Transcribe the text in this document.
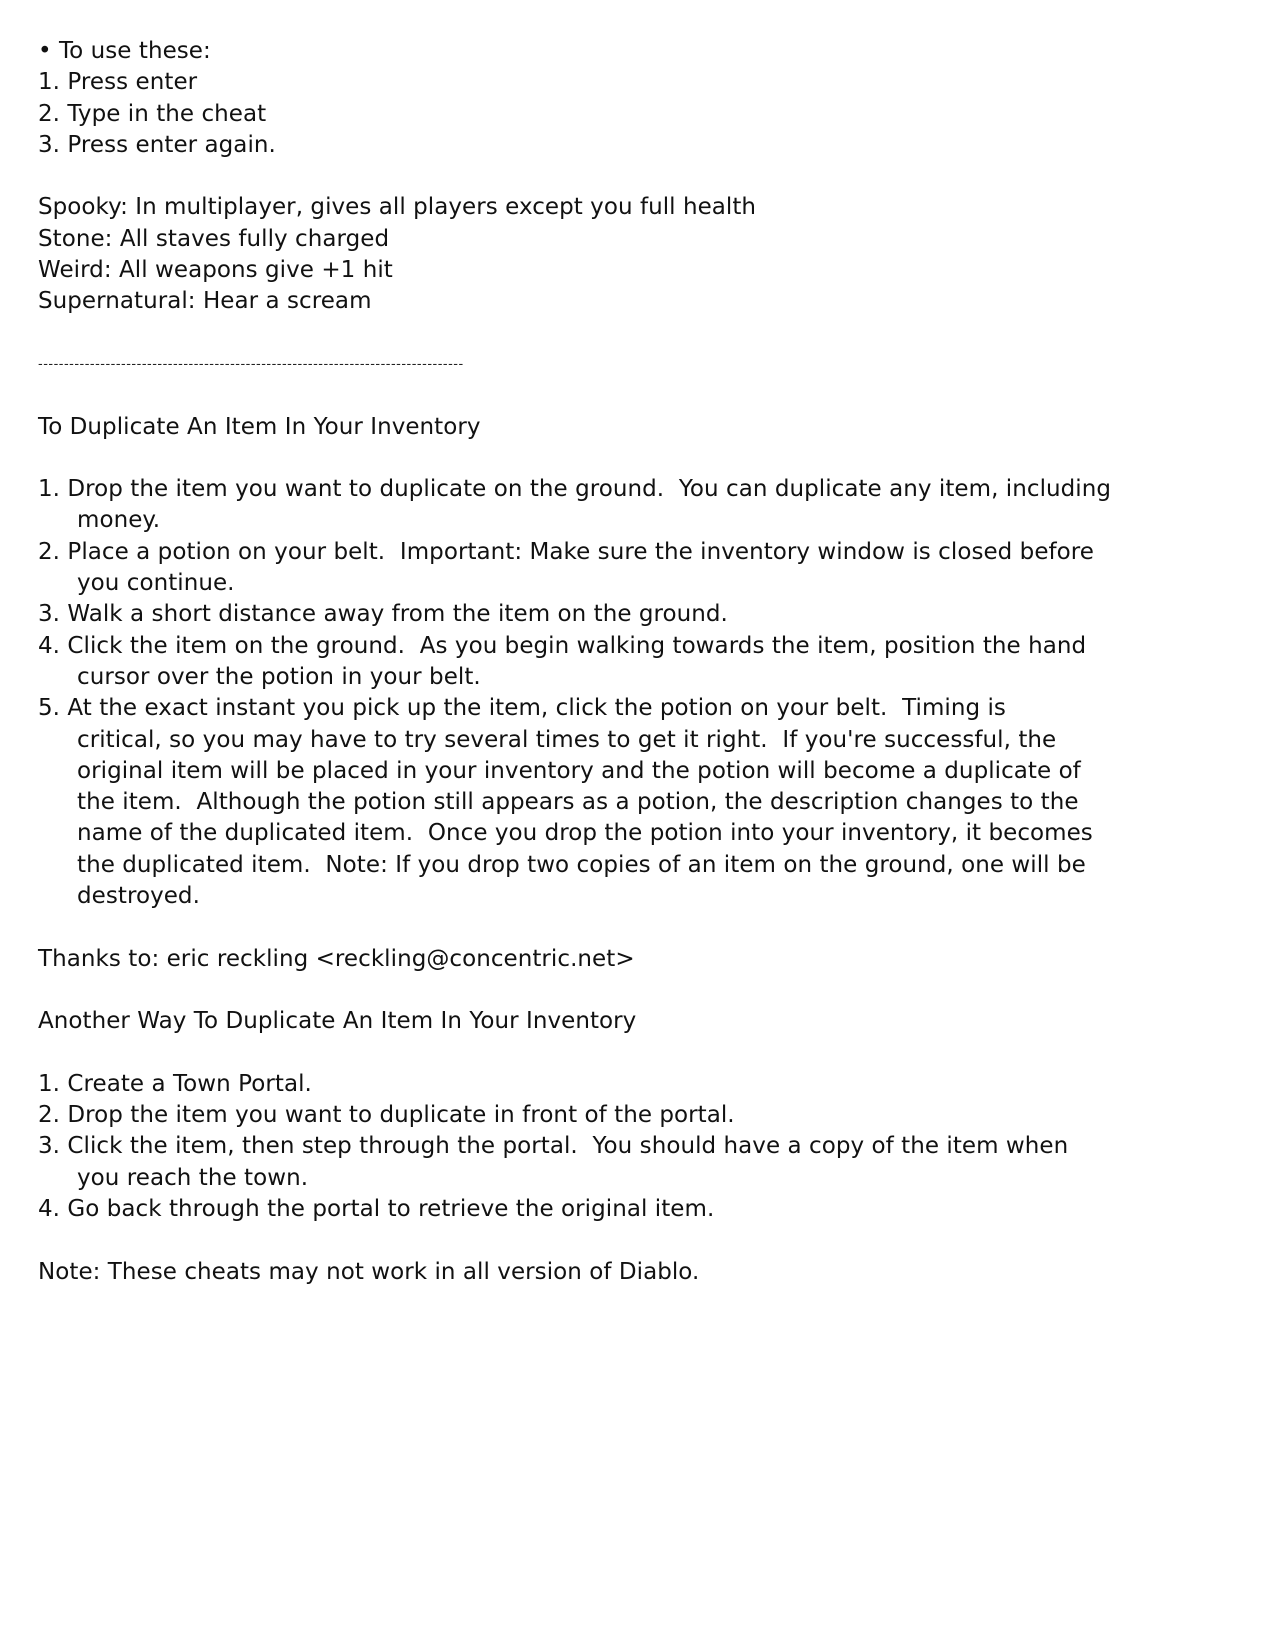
• To use these:
1. Press enter
2. Type in the cheat
3. Press enter again.
Spooky: In multiplayer, gives all players except you full health
Stone: All staves fully charged
Weird: All weapons give +1 hit
Supernatural: Hear a scream
----------------------------------------------------------------------------------
To Duplicate An Item In Your Inventory
1. Drop the item you want to duplicate on the ground.  You can duplicate any item, including
money.
2. Place a potion on your belt.  Important: Make sure the inventory window is closed before
you continue.
3. Walk a short distance away from the item on the ground.
4. Click the item on the ground.  As you begin walking towards the item, position the hand
cursor over the potion in your belt.
5. At the exact instant you pick up the item, click the potion on your belt.  Timing is
critical, so you may have to try several times to get it right.  If you're successful, the
original item will be placed in your inventory and the potion will become a duplicate of
the item.  Although the potion still appears as a potion, the description changes to the
name of the duplicated item.  Once you drop the potion into your inventory, it becomes
the duplicated item.  Note: If you drop two copies of an item on the ground, one will be
destroyed.
Thanks to: eric reckling <reckling@concentric.net>
Another Way To Duplicate An Item In Your Inventory
1. Create a Town Portal.
2. Drop the item you want to duplicate in front of the portal.
3. Click the item, then step through the portal.  You should have a copy of the item when
you reach the town.
4. Go back through the portal to retrieve the original item.
Note: These cheats may not work in all version of Diablo.
